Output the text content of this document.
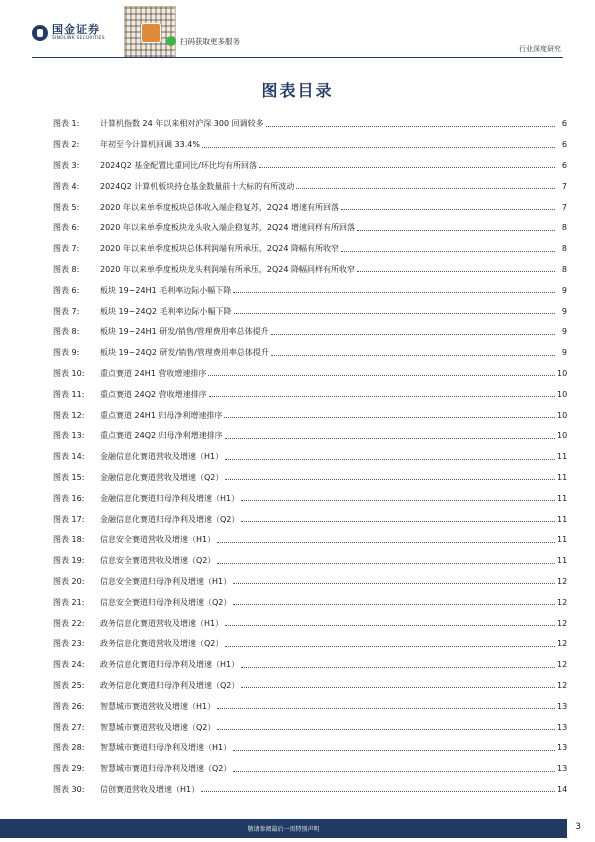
国金证券
SINOLINK SECURITIES	扫码获取更多服务
行业深度研究
图表目录
图表 1:	计算机指数 24 年以来相对沪深 300 回调较多	6
图表 2:	年初至今计算机回调 33.4%	6
图表 3:	2024Q2 基金配置比重同比/环比均有所回落	6
图表 4:	2024Q2 计算机板块持仓基金数量前十大标的有所波动	7
图表 5:	2020 年以来单季度板块总体收入端企稳复苏，2Q24 增速有所回落	7
图表 6:	2020 年以来单季度板块龙头收入端企稳复苏，2Q24 增速同样有所回落	8
图表 7:	2020 年以来单季度板块总体利润端有所承压，2Q24 降幅有所收窄	8
图表 8:	2020 年以来单季度板块龙头利润端有所承压，2Q24 降幅同样有所收窄	8
图表 6:	板块 19~24H1 毛利率边际小幅下降	9
图表 7:	板块 19~24Q2 毛利率边际小幅下降	9
图表 8:	板块 19~24H1 研发/销售/管理费用率总体提升	9
图表 9:	板块 19~24Q2 研发/销售/管理费用率总体提升	9
图表 10:	重点赛道 24H1 营收增速排序	10
图表 11:	重点赛道 24Q2 营收增速排序	10
图表 12:	重点赛道 24H1 归母净利增速排序	10
图表 13:	重点赛道 24Q2 归母净利增速排序	10
图表 14:	金融信息化赛道营收及增速（H1）	11
图表 15:	金融信息化赛道营收及增速（Q2）	11
图表 16:	金融信息化赛道归母净利及增速（H1）	11
图表 17:	金融信息化赛道归母净利及增速（Q2）	11
图表 18:	信息安全赛道营收及增速（H1）	11
图表 19:	信息安全赛道营收及增速（Q2）	11
图表 20:	信息安全赛道归母净利及增速（H1）	12
图表 21:	信息安全赛道归母净利及增速（Q2）	12
图表 22:	政务信息化赛道营收及增速（H1）	12
图表 23:	政务信息化赛道营收及增速（Q2）	12
图表 24:	政务信息化赛道归母净利及增速（H1）	12
图表 25:	政务信息化赛道归母净利及增速（Q2）	12
图表 26:	智慧城市赛道营收及增速（H1）	13
图表 27:	智慧城市赛道营收及增速（Q2）	13
图表 28:	智慧城市赛道归母净利及增速（H1）	13
图表 29:	智慧城市赛道归母净利及增速（Q2）	13
图表 30:	信创赛道营收及增速（H1）	14
敬请参阅最后一页特别声明	3
